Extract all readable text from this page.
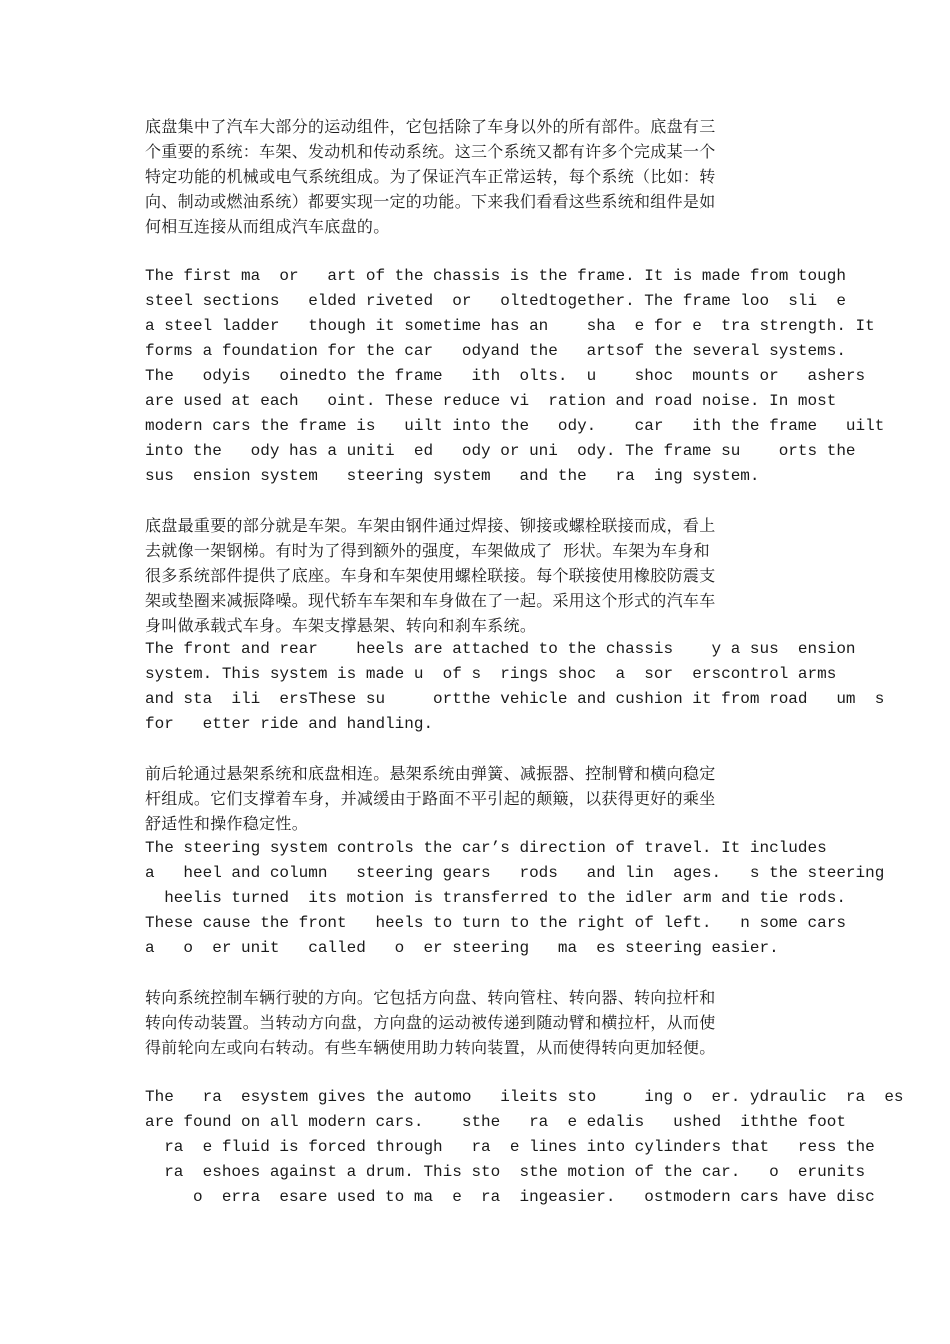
底盘集中了汽车大部分的运动组件，它包括除了车身以外的所有部件。底盘有三
个重要的系统：车架、发动机和传动系统。这三个系统又都有许多个完成某一个
特定功能的机械或电气系统组成。为了保证汽车正常运转，每个系统（比如：转
向、制动或燃油系统）都要实现一定的功能。下来我们看看这些系统和组件是如
何相互连接从而组成汽车底盘的。
The first ma  or   art of the chassis is the frame. It is made from tough
steel sections   elded riveted  or   oltedtogether. The frame loo  sli  e
a steel ladder   though it sometime has an    sha  e for e  tra strength. It
forms a foundation for the car   odyand the   artsof the several systems.
The   odyis   oinedto the frame   ith  olts.  u    shoc  mounts or   ashers
are used at each   oint. These reduce vi  ration and road noise. In most
modern cars the frame is   uilt into the   ody.    car   ith the frame   uilt
into the   ody has a uniti  ed   ody or uni  ody. The frame su    orts the
sus  ension system   steering system   and the   ra  ing system.
底盘最重要的部分就是车架。车架由钢件通过焊接、铆接或螺栓联接而成，看上
去就像一架钢梯。有时为了得到额外的强度，车架做成了  形状。车架为车身和
很多系统部件提供了底座。车身和车架使用螺栓联接。每个联接使用橡胶防震支
架或垫圈来减振降噪。现代轿车车架和车身做在了一起。采用这个形式的汽车车
身叫做承载式车身。车架支撑悬架、转向和刹车系统。
The front and rear    heels are attached to the chassis    y a sus  ension
system. This system is made u  of s  rings shoc  a  sor  erscontrol arms
and sta  ili  ersThese su     ortthe vehicle and cushion it from road   um  s
for   etter ride and handling.
前后轮通过悬架系统和底盘相连。悬架系统由弹簧、减振器、控制臂和横向稳定
杆组成。它们支撑着车身，并减缓由于路面不平引起的颠簸，以获得更好的乘坐
舒适性和操作稳定性。
The steering system controls the car’s direction of travel. It includes
a   heel and column   steering gears   rods   and lin  ages.   s the steering
heelis turned  its motion is transferred to the idler arm and tie rods.
These cause the front   heels to turn to the right of left.   n some cars
a   o  er unit   called   o  er steering   ma  es steering easier.
转向系统控制车辆行驶的方向。它包括方向盘、转向管柱、转向器、转向拉杆和
转向传动装置。当转动方向盘，方向盘的运动被传递到随动臂和横拉杆，从而使
得前轮向左或向右转动。有些车辆使用助力转向装置，从而使得转向更加轻便。
The   ra  esystem gives the automo   ileits sto     ing o  er. ydraulic  ra  es
are found on all modern cars.    sthe   ra  e edalis   ushed  iththe foot
ra  e fluid is forced through   ra  e lines into cylinders that   ress the
ra  eshoes against a drum. This sto  sthe motion of the car.   o  erunits
o  erra  esare used to ma  e  ra  ingeasier.   ostmodern cars have disc
